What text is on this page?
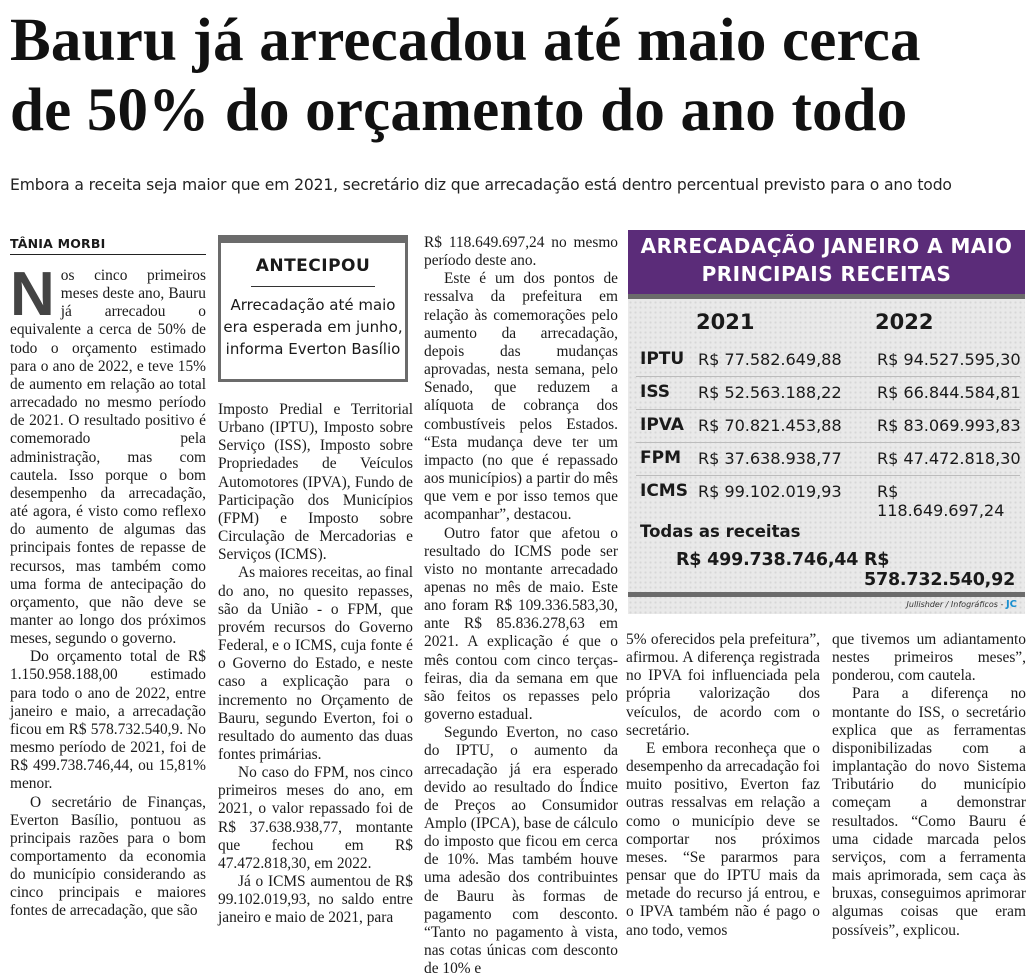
Bauru já arrecadou até maio cerca
de 50% do orçamento do ano todo
Embora a receita seja maior que em 2021, secretário diz que arrecadação está dentro percentual previsto para o ano todo
TÂNIA MORBI

Nos cinco primeiros meses deste ano, Bauru já arrecadou o equivalente a cerca de 50% de todo o orçamento estimado para o ano de 2022, e teve 15% de aumento em relação ao total arrecadado no mesmo período de 2021. O resultado positivo é comemorado pela administração, mas com cautela. Isso porque o bom desempenho da arrecadação, até agora, é visto como reflexo do aumento de algumas das principais fontes de repasse de recursos, mas também como uma forma de antecipação do orçamento, que não deve se manter ao longo dos próximos meses, segundo o governo.

Do orçamento total de R$ 1.150.958.188,00 estimado para todo o ano de 2022, entre janeiro e maio, a arrecadação ficou em R$ 578.732.540,9. No mesmo período de 2021, foi de R$ 499.738.746,44, ou 15,81% menor.

O secretário de Finanças, Everton Basílio, pontuou as principais razões para o bom comportamento da economia do município considerando as cinco principais e maiores fontes de arrecadação, que são

ANTECIPOU
Arrecadação até maio era esperada em junho, informa Everton Basílio

Imposto Predial e Territorial Urbano (IPTU), Imposto sobre Serviço (ISS), Imposto sobre Propriedades de Veículos Automotores (IPVA), Fundo de Participação dos Municípios (FPM) e Imposto sobre Circulação de Mercadorias e Serviços (ICMS).

As maiores receitas, ao final do ano, no quesito repasses, são da União - o FPM, que provém recursos do Governo Federal, e o ICMS, cuja fonte é o Governo do Estado, e neste caso a explicação para o incremento no Orçamento de Bauru, segundo Everton, foi o resultado do aumento das duas fontes primárias.

No caso do FPM, nos cinco primeiros meses do ano, em 2021, o valor repassado foi de R$ 37.638.938,77, montante que fechou em R$ 47.472.818,30, em 2022.

Já o ICMS aumentou de R$ 99.102.019,93, no saldo entre janeiro e maio de 2021, para

R$ 118.649.697,24 no mesmo período deste ano.

Este é um dos pontos de ressalva da prefeitura em relação às comemorações pelo aumento da arrecadação, depois das mudanças aprovadas, nesta semana, pelo Senado, que reduzem a alíquota de cobrança dos combustíveis pelos Estados. “Esta mudança deve ter um impacto (no que é repassado aos municípios) a partir do mês que vem e por isso temos que acompanhar”, destacou.

Outro fator que afetou o resultado do ICMS pode ser visto no montante arrecadado apenas no mês de maio. Este ano foram R$ 109.336.583,30, ante R$ 85.836.278,63 em 2021. A explicação é que o mês contou com cinco terças-feiras, dia da semana em que são feitos os repasses pelo governo estadual.

Segundo Everton, no caso do IPTU, o aumento da arrecadação já era esperado devido ao resultado do Índice de Preços ao Consumidor Amplo (IPCA), base de cálculo do imposto que ficou em cerca de 10%. Mas também houve uma adesão dos contribuintes de Bauru às formas de pagamento com desconto. “Tanto no pagamento à vista, nas cotas únicas com desconto de 10% e

ARRECADAÇÃO JANEIRO A MAIO
PRINCIPAIS RECEITAS
2021	2022
IPTU R$ 77.582.649,88 R$ 94.527.595,30
ISS R$ 52.563.188,22 R$ 66.844.584,81
IPVA R$ 70.821.453,88 R$ 83.069.993,83
FPM R$ 37.638.938,77 R$ 47.472.818,30
ICMS R$ 99.102.019,93 R$ 118.649.697,24
Todas as receitas
R$ 499.738.746,44 R$ 578.732.540,92
Jullishder / Infográficos - JC

5% oferecidos pela prefeitura”, afirmou. A diferença registrada no IPVA foi influenciada pela própria valorização dos veículos, de acordo com o secretário.

E embora reconheça que o desempenho da arrecadação foi muito positivo, Everton faz outras ressalvas em relação a como o município deve se comportar nos próximos meses. “Se pararmos para pensar que do IPTU mais da metade do recurso já entrou, e o IPVA também não é pago o ano todo, vemos

que tivemos um adiantamento nestes primeiros meses”, ponderou, com cautela.

Para a diferença no montante do ISS, o secretário explica que as ferramentas disponibilizadas com a implantação do novo Sistema Tributário do município começam a demonstrar resultados. “Como Bauru é uma cidade marcada pelos serviços, com a ferramenta mais aprimorada, sem caça às bruxas, conseguimos aprimorar algumas coisas que eram possíveis”, explicou.
